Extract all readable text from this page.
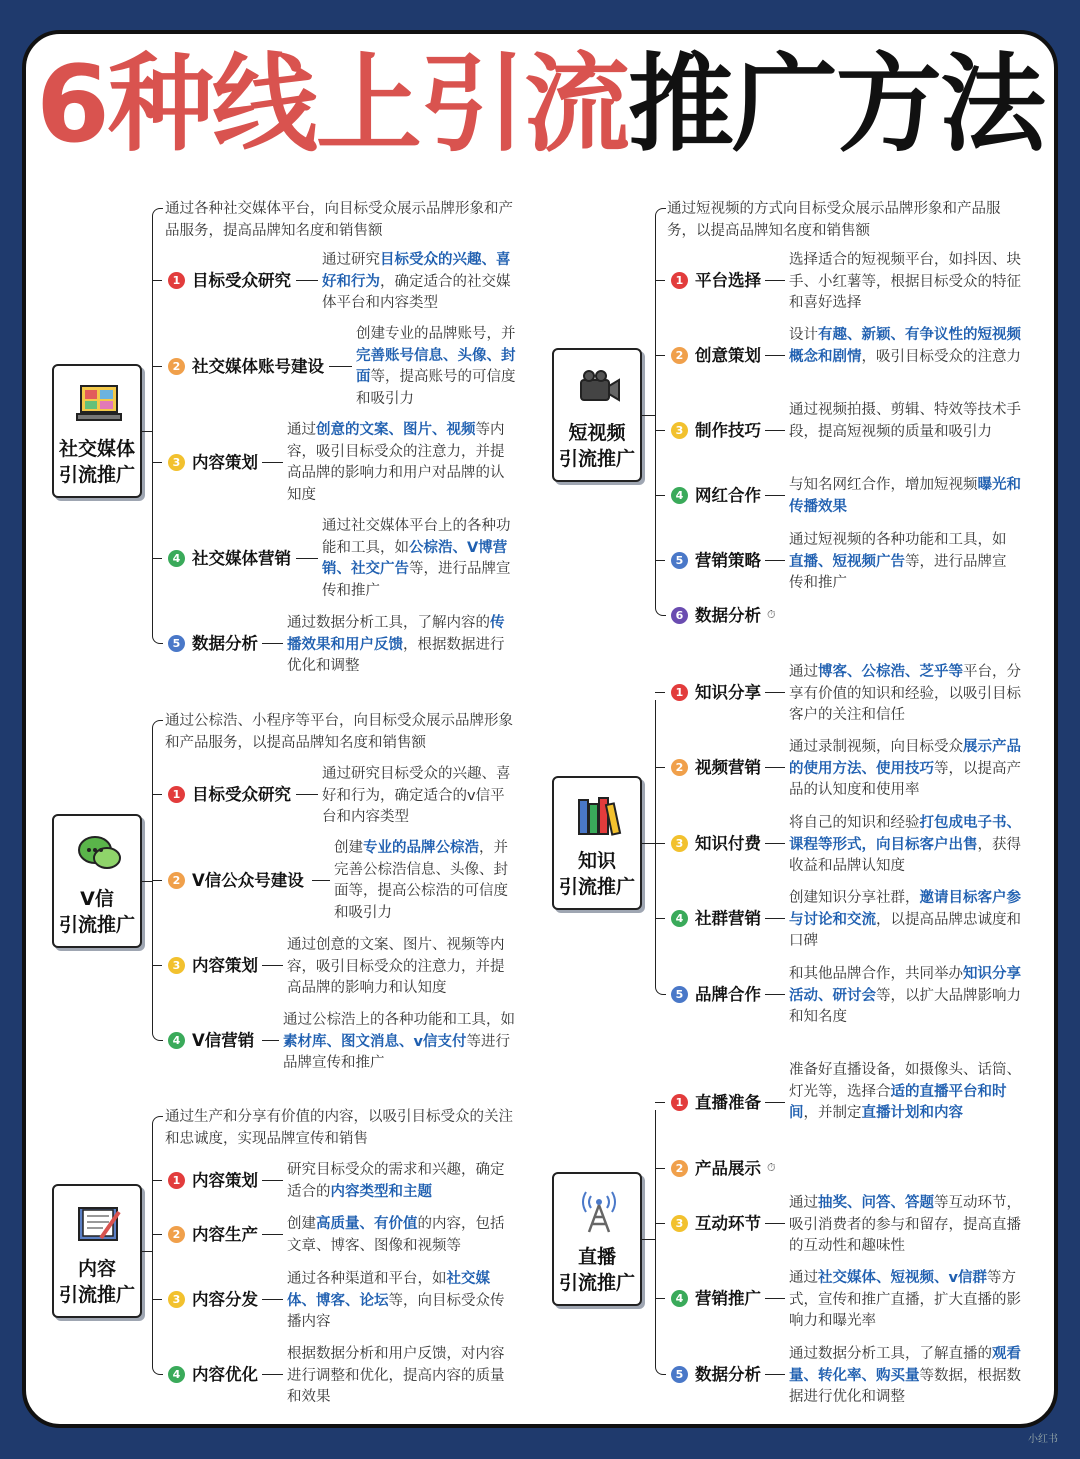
6种线上引流推广方法
社交媒体
引流推广
通过各种社交媒体平台，向目标受众展示品牌形象和产品服务，提高品牌知名度和销售额
1 目标受众研究
通过研究目标受众的兴趣、喜好和行为，确定适合的社交媒体平台和内容类型
2 社交媒体账号建设
创建专业的品牌账号，并完善账号信息、头像、封面等，提高账号的可信度和吸引力
3 内容策划
通过创意的文案、图片、视频等内容，吸引目标受众的注意力，并提高品牌的影响力和用户对品牌的认知度
4 社交媒体营销
通过社交媒体平台上的各种功能和工具，如公棕浩、V博营销、社交广告等，进行品牌宣传和推广
5 数据分析
通过数据分析工具，了解内容的传播效果和用户反馈，根据数据进行优化和调整
V信
引流推广
通过公棕浩、小程序等平台，向目标受众展示品牌形象和产品服务，以提高品牌知名度和销售额
1 目标受众研究
通过研究目标受众的兴趣、喜好和行为，确定适合的v信平台和内容类型
2 V信公众号建设
创建专业的品牌公棕浩，并完善公棕浩信息、头像、封面等，提高公棕浩的可信度和吸引力
3 内容策划
通过创意的文案、图片、视频等内容，吸引目标受众的注意力，并提高品牌的影响力和认知度
4 V信营销
通过公棕浩上的各种功能和工具，如素材库、图文消息、v信支付等进行品牌宣传和推广
内容
引流推广
通过生产和分享有价值的内容，以吸引目标受众的关注和忠诚度，实现品牌宣传和销售
1 内容策划
研究目标受众的需求和兴趣，确定适合的内容类型和主题
2 内容生产
创建高质量、有价值的内容，包括文章、博客、图像和视频等
3 内容分发
通过各种渠道和平台，如社交媒体、博客、论坛等，向目标受众传播内容
4 内容优化
根据数据分析和用户反馈，对内容进行调整和优化，提高内容的质量和效果
短视频
引流推广
通过短视频的方式向目标受众展示品牌形象和产品服务，以提高品牌知名度和销售额
1 平台选择
选择适合的短视频平台，如抖因、块手、小红薯等，根据目标受众的特征和喜好选择
2 创意策划
设计有趣、新颖、有争议性的短视频概念和剧情，吸引目标受众的注意力
3 制作技巧
通过视频拍摄、剪辑、特效等技术手段，提高短视频的质量和吸引力
4 网红合作
与知名网红合作，增加短视频曝光和传播效果
5 营销策略
通过短视频的各种功能和工具，如直播、短视频广告等，进行品牌宣传和推广
6 数据分析 ⏱
知识
引流推广
1 知识分享
通过博客、公棕浩、芝乎等平台，分享有价值的知识和经验，以吸引目标客户的关注和信任
2 视频营销
通过录制视频，向目标受众展示产品的使用方法、使用技巧等，以提高产品的认知度和使用率
3 知识付费
将自己的知识和经验打包成电子书、课程等形式，向目标客户出售，获得收益和品牌认知度
4 社群营销
创建知识分享社群，邀请目标客户参与讨论和交流，以提高品牌忠诚度和口碑
5 品牌合作
和其他品牌合作，共同举办知识分享活动、研讨会等，以扩大品牌影响力和知名度
直播
引流推广
1 直播准备
准备好直播设备，如摄像头、话筒、灯光等，选择合适的直播平台和时间，并制定直播计划和内容
2 产品展示 ⏱
3 互动环节
通过抽奖、问答、答题等互动环节，吸引消费者的参与和留存，提高直播的互动性和趣味性
4 营销推广
通过社交媒体、短视频、v信群等方式，宣传和推广直播，扩大直播的影响力和曝光率
5 数据分析
通过数据分析工具，了解直播的观看量、转化率、购买量等数据，根据数据进行优化和调整
小红书
